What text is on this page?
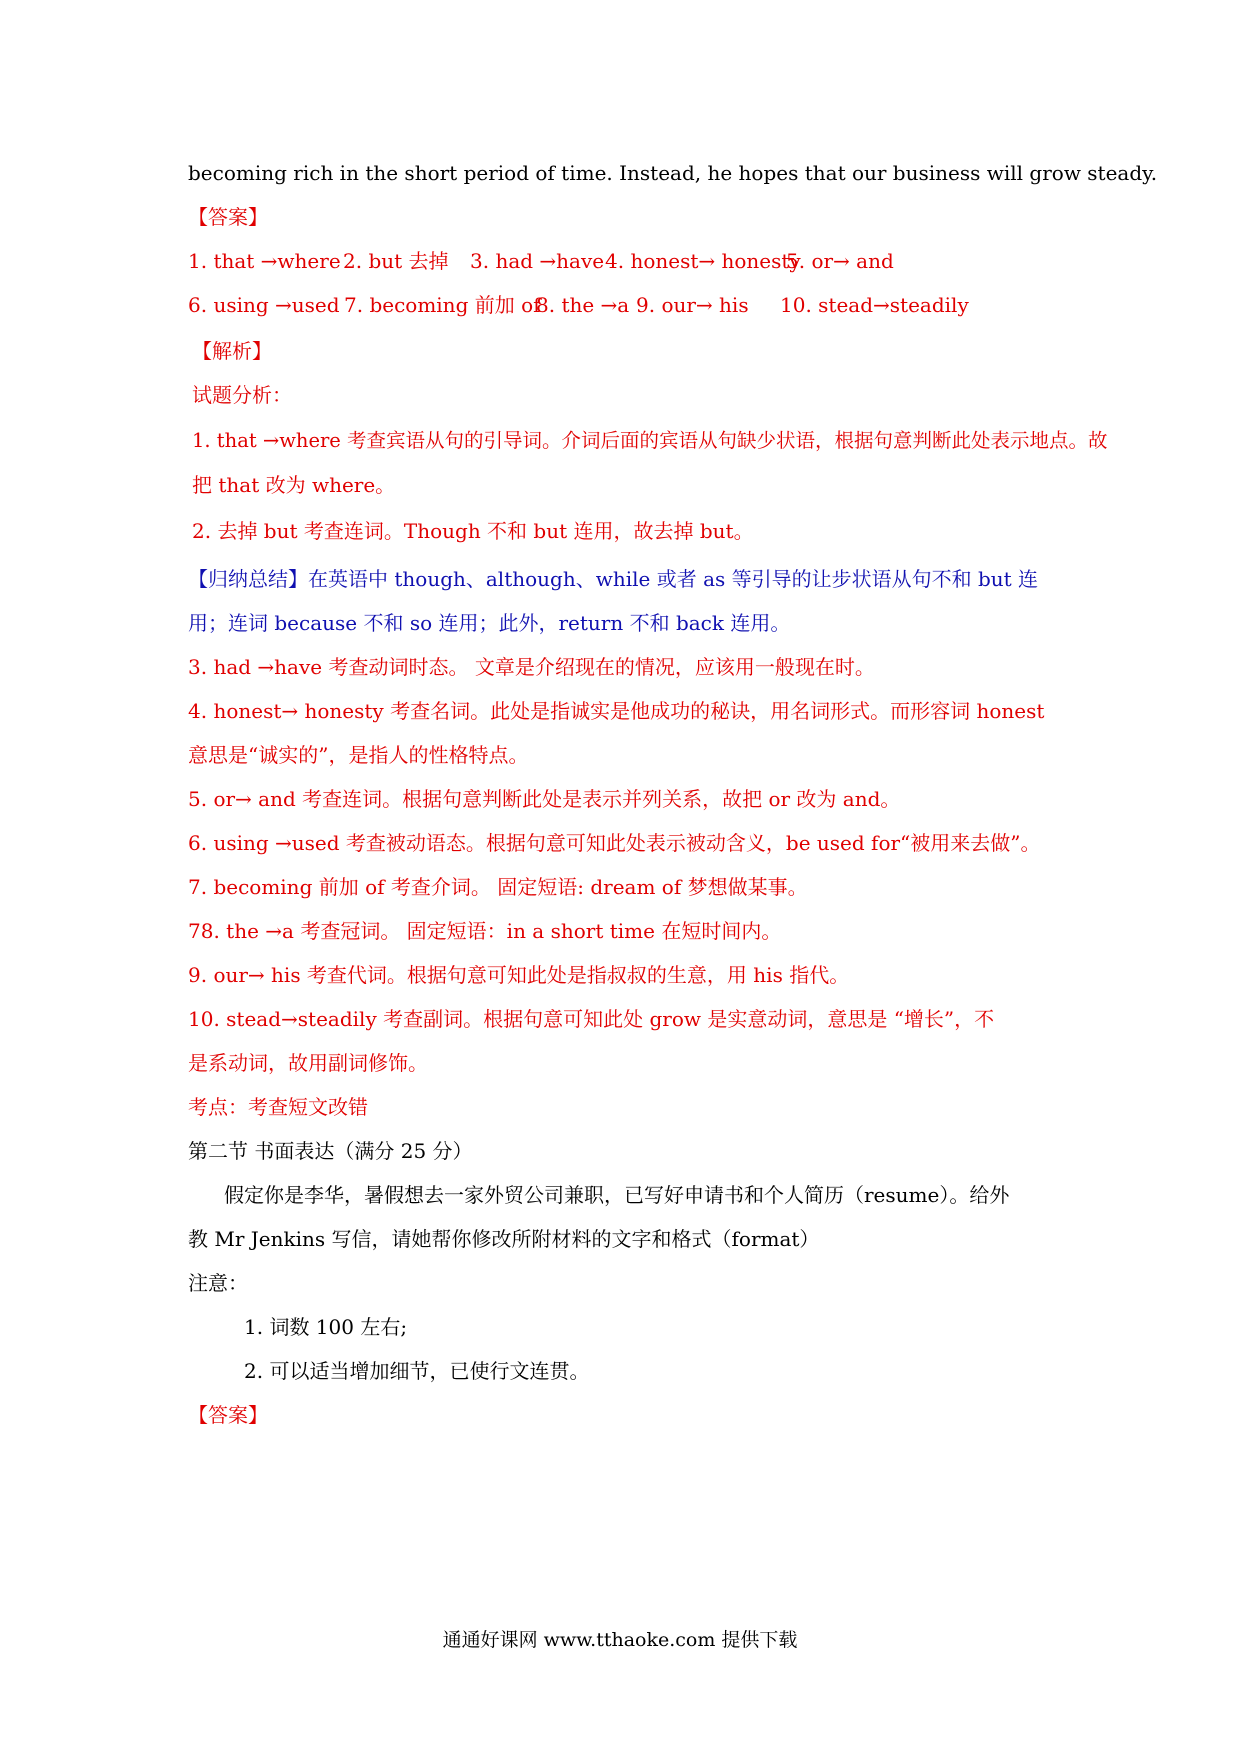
becoming rich in the short period of time. Instead, he hopes that our business will grow steady.
【答案】
1. that →where 2. but 去掉 3. had →have 4. honest→ honesty
5. or→ and
6. using →used 7. becoming 前加 of
8. the →a 9. our→ his 10. stead→steadily
【解析】
试题分析：
1. that →where 考查宾语从句的引导词。介词后面的宾语从句缺少状语，根据句意判断此处表示地点。故
把 that 改为 where。
2. 去掉 but 考查连词。Though 不和 but 连用，故去掉 but。
【归纳总结】在英语中 though、although、while 或者 as 等引导的让步状语从句不和 but 连
用；连词 because 不和 so 连用；此外，return 不和 back 连用。
3. had →have 考查动词时态。 文章是介绍现在的情况，应该用一般现在时。
4. honest→ honesty 考查名词。此处是指诚实是他成功的秘诀，用名词形式。而形容词 honest
意思是“诚实的”，是指人的性格特点。
5. or→ and 考查连词。根据句意判断此处是表示并列关系，故把 or 改为 and。
6. using →used 考查被动语态。根据句意可知此处表示被动含义，be used for“被用来去做”。
7. becoming 前加 of 考查介词。 固定短语: dream of 梦想做某事。
78. the →a 考查冠词。 固定短语：in a short time 在短时间内。
9. our→ his 考查代词。根据句意可知此处是指叔叔的生意，用 his 指代。
10. stead→steadily 考查副词。根据句意可知此处 grow 是实意动词，意思是 “增长”，不
是系动词，故用副词修饰。
考点：考查短文改错
第二节 书面表达（满分 25 分）
假定你是李华，暑假想去一家外贸公司兼职，已写好申请书和个人简历（resume）。给外
教 Mr Jenkins 写信，请她帮你修改所附材料的文字和格式（format）
注意：
1. 词数 100 左右;
2. 可以适当增加细节，已使行文连贯。
【答案】
通通好课网 www.tthaoke.com 提供下载
